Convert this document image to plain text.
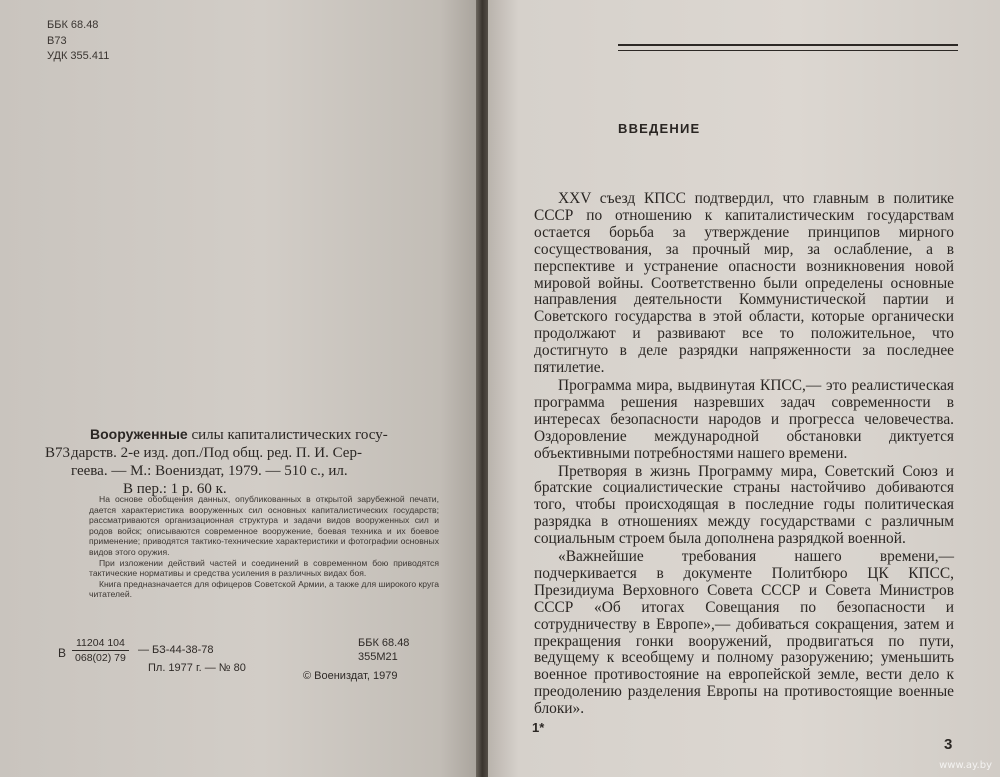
ББК 68.48
В73
УДК 355.411
Вооруженные силы капиталистических госу-
В73 дарств. 2-е изд. доп./Под общ. ред. П. И. Сер-
геева. — М.: Воениздат, 1979. — 510 с., ил.
В пер.: 1 р. 60 к.

На основе обобщения данных, опубликованных в открытой зарубежной печати, дается характеристика вооруженных сил основных капиталистических государств; рассматриваются организационная структура и задачи видов вооруженных сил и родов войск; описываются современное вооружение, боевая техника и их боевое применение; приводятся тактико-технические характеристики и фотографии основных видов этого оружия.

При изложении действий частей и соединений в современном бою приводятся тактические нормативы и средства усиления в различных видах боя.

Книга предназначается для офицеров Советской Армии, а также для широкого круга читателей.

В $\frac{11204 104}{068(02) 79}$ — БЗ-44-38-78
ББК 68.48
355М21
Пл. 1977 г. — № 80
© Воениздат, 1979
ВВЕДЕНИЕ

XXV съезд КПСС подтвердил, что главным в политике СССР по отношению к капиталистическим государствам остается борьба за утверждение принципов мирного сосуществования, за прочный мир, за ослабление, а в перспективе и устранение опасности возникновения новой мировой войны. Соответственно были определены основные направления деятельности Коммунистической партии и Советского государства в этой области, которые органически продолжают и развивают все то положительное, что достигнуто в деле разрядки напряженности за последнее пятилетие.

Программа мира, выдвинутая КПСС,— это реалистическая программа решения назревших задач современности в интересах безопасности народов и прогресса человечества. Оздоровление международной обстановки диктуется объективными потребностями нашего времени.

Претворяя в жизнь Программу мира, Советский Союз и братские социалистические страны настойчиво добиваются того, чтобы происходящая в последние годы политическая разрядка в отношениях между государствами с различным социальным строем была дополнена разрядкой военной.

«Важнейшие требования нашего времени,— подчеркивается в документе Политбюро ЦК КПСС, Президиума Верховного Совета СССР и Совета Министров СССР «Об итогах Совещания по безопасности и сотрудничеству в Европе»,— добиваться сокращения, затем и прекращения гонки вооружений, продвигаться по пути, ведущему к всеобщему и полному разоружению; уменьшить военное противостояние на европейской земле, вести дело к преодолению разделения Европы на противостоящие военные блоки».

1*
3
www.ay.by
